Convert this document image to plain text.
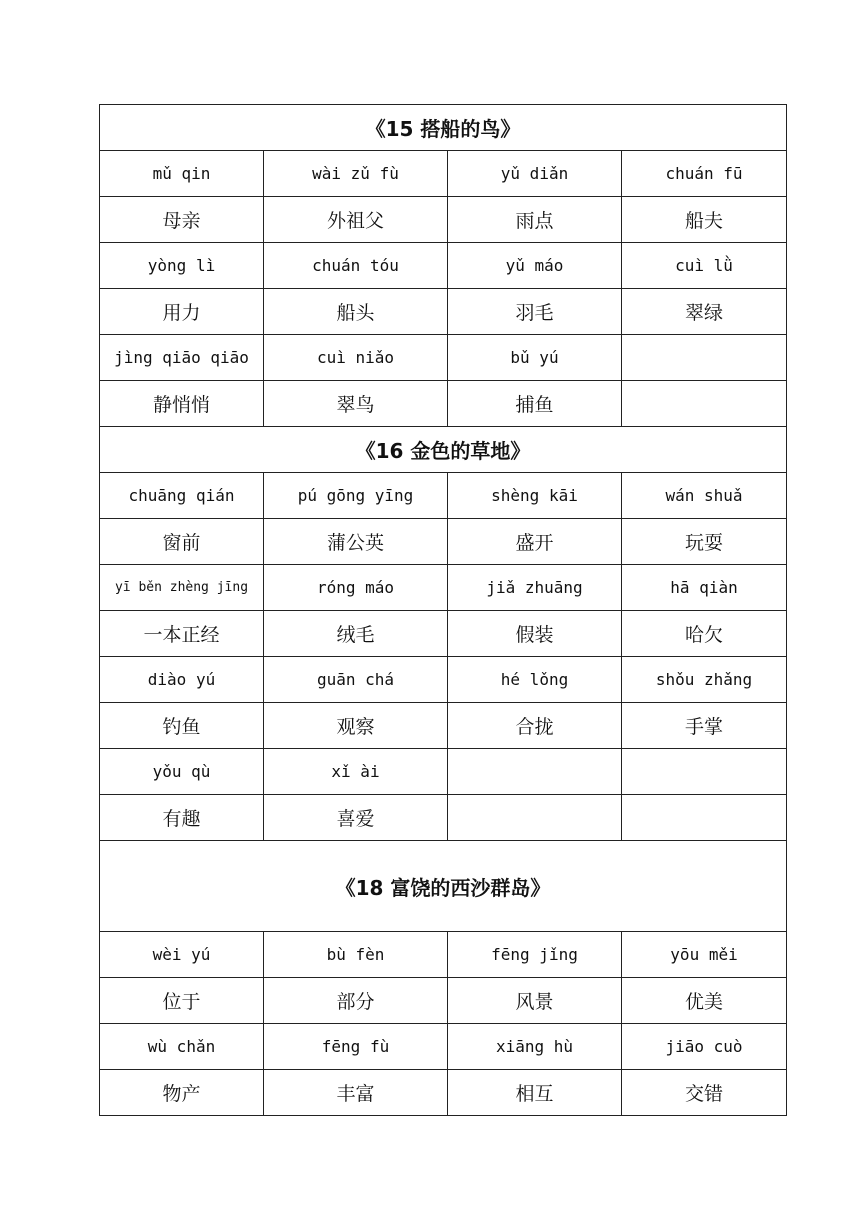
《15 搭船的鸟》			
mǔ qin	wài zǔ fù	yǔ diǎn	chuán fū
母亲	外祖父	雨点	船夫
yòng lì	chuán tóu	yǔ máo	cuì lǜ
用力	船头	羽毛	翠绿
jìng qiāo qiāo	cuì niǎo	bǔ yú	
静悄悄	翠鸟	捕鱼	
《16 金色的草地》			
chuāng qián	pú gōng yīng	shèng kāi	wán shuǎ
窗前	蒲公英	盛开	玩耍
yī běn zhèng jīng	róng máo	jiǎ zhuāng	hā qiàn
一本正经	绒毛	假装	哈欠
diào yú	guān chá	hé lǒng	shǒu zhǎng
钓鱼	观察	合拢	手掌
yǒu qù	xǐ ài		
有趣	喜爱		
《18 富饶的西沙群岛》			
wèi yú	bù fèn	fēng jǐng	yōu měi
位于	部分	风景	优美
wù chǎn	fēng fù	xiāng hù	jiāo cuò
物产	丰富	相互	交错
